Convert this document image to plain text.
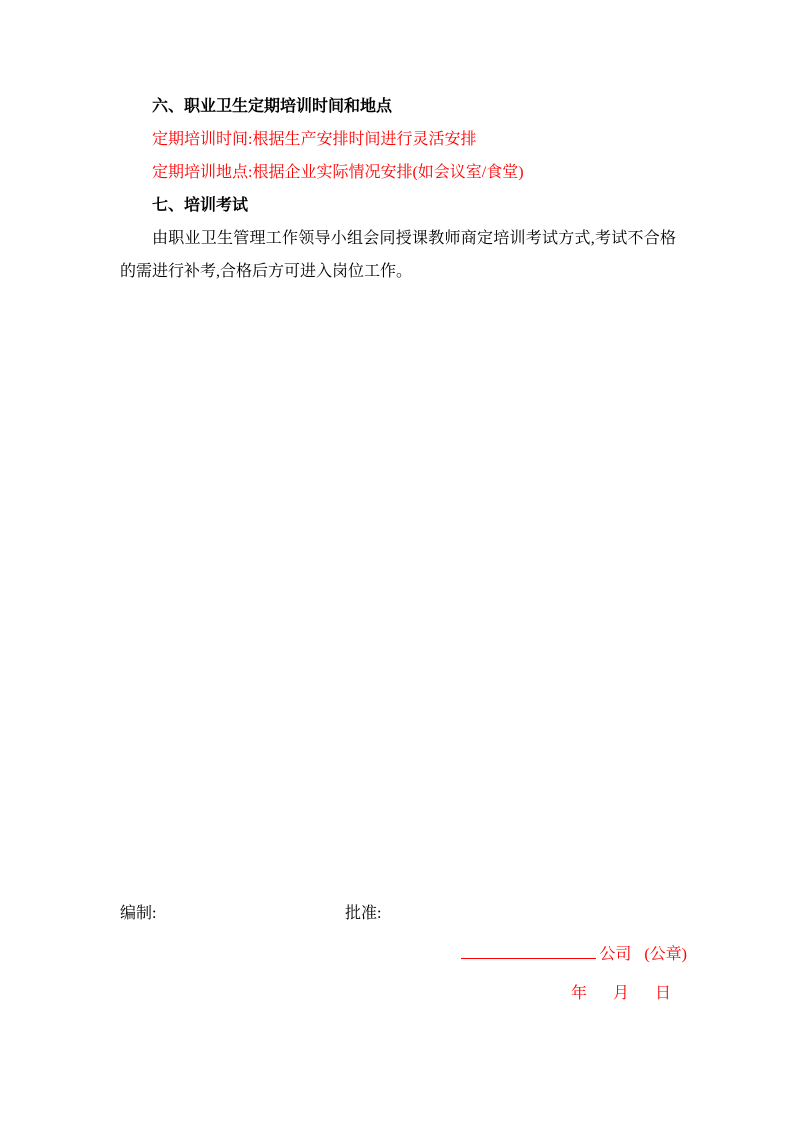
六、职业卫生定期培训时间和地点

定期培训时间:根据生产安排时间进行灵活安排

定期培训地点:根据企业实际情况安排(如会议室/食堂)

七、培训考试

由职业卫生管理工作领导小组会同授课教师商定培训考试方式,考试不合格的需进行补考,合格后方可进入岗位工作。

编制:	批准:
公司 (公章)
年 月 日
